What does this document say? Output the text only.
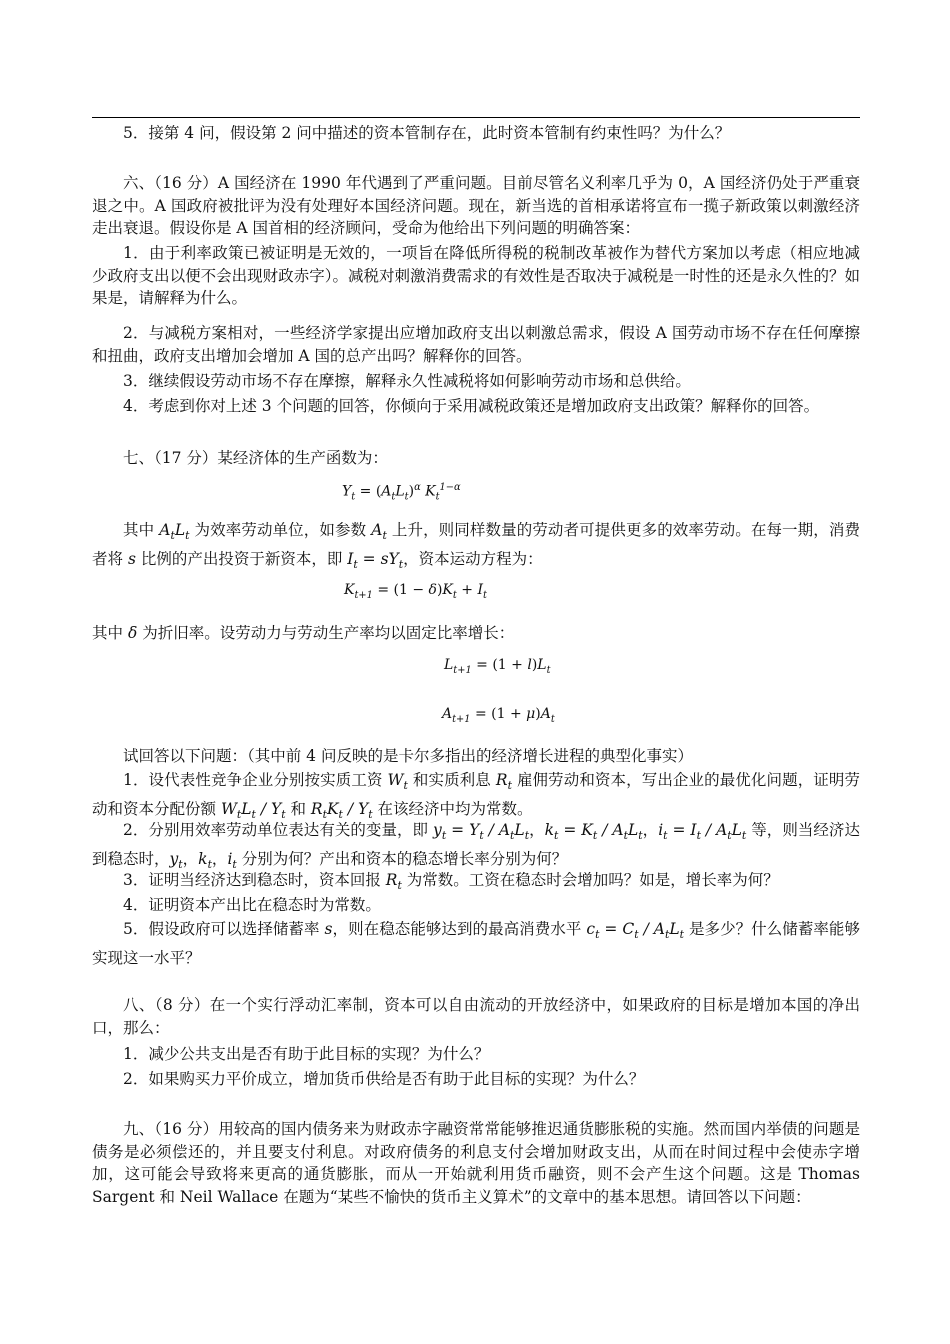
5．接第 4 问，假设第 2 问中描述的资本管制存在，此时资本管制有约束性吗？为什么？
六、（16 分）A 国经济在 1990 年代遇到了严重问题。目前尽管名义利率几乎为 0，A 国经济仍处于严重衰退之中。A 国政府被批评为没有处理好本国经济问题。现在，新当选的首相承诺将宣布一揽子新政策以刺激经济走出衰退。假设你是 A 国首相的经济顾问，受命为他给出下列问题的明确答案：
1．由于利率政策已被证明是无效的，一项旨在降低所得税的税制改革被作为替代方案加以考虑（相应地减少政府支出以便不会出现财政赤字）。减税对刺激消费需求的有效性是否取决于减税是一时性的还是永久性的？如果是，请解释为什么。
2．与减税方案相对，一些经济学家提出应增加政府支出以刺激总需求，假设 A 国劳动市场不存在任何摩擦和扭曲，政府支出增加会增加 A 国的总产出吗？解释你的回答。
3．继续假设劳动市场不存在摩擦，解释永久性减税将如何影响劳动市场和总供给。
4．考虑到你对上述 3 个问题的回答，你倾向于采用减税政策还是增加政府支出政策？解释你的回答。
七、（17 分）某经济体的生产函数为：
$Y_t = (A_tL_t)^\alpha$ $K_t^{1-\alpha}$
其中 $A_tL_t$ 为效率劳动单位，如参数 $A_t$ 上升，则同样数量的劳动者可提供更多的效率劳动。在每一期，消费者将 s 比例的产出投资于新资本，即 $I_t = sY_t$，资本运动方程为：
$K_{t+1} = (1 - \delta)K_t + I_t$
其中 δ 为折旧率。设劳动力与劳动生产率均以固定比率增长：
$L_{t+1} = (1 + l)L_t$
$A_{t+1} = (1 + \mu)A_t$
试回答以下问题：（其中前 4 问反映的是卡尔多指出的经济增长进程的典型化事实）
1．设代表性竞争企业分别按实质工资 $W_t$ 和实质利息 $R_t$ 雇佣劳动和资本，写出企业的最优化问题，证明劳动和资本分配份额 $W_tL_t / Y_t$ 和 $R_tK_t / Y_t$ 在该经济中均为常数。
2．分别用效率劳动单位表达有关的变量，即 $y_t = Y_t / A_tL_t$，$k_t = K_t / A_tL_t$，$i_t = I_t / A_tL_t$ 等，则当经济达到稳态时，$y_t$，$k_t$，$i_t$ 分别为何？产出和资本的稳态增长率分别为何？
3．证明当经济达到稳态时，资本回报 $R_t$ 为常数。工资在稳态时会增加吗？如是，增长率为何？
4．证明资本产出比在稳态时为常数。
5．假设政府可以选择储蓄率 s，则在稳态能够达到的最高消费水平 $c_t = C_t / A_tL_t$ 是多少？什么储蓄率能够实现这一水平？
八、（8 分）在一个实行浮动汇率制，资本可以自由流动的开放经济中，如果政府的目标是增加本国的净出口，那么：
1．减少公共支出是否有助于此目标的实现？为什么？
2．如果购买力平价成立，增加货币供给是否有助于此目标的实现？为什么？
九、（16 分）用较高的国内债务来为财政赤字融资常常能够推迟通货膨胀税的实施。然而国内举债的问题是债务是必须偿还的，并且要支付利息。对政府债务的利息支付会增加财政支出，从而在时间过程中会使赤字增加，这可能会导致将来更高的通货膨胀，而从一开始就利用货币融资，则不会产生这个问题。这是 Thomas Sargent 和 Neil Wallace 在题为“某些不愉快的货币主义算术”的文章中的基本思想。请回答以下问题：
